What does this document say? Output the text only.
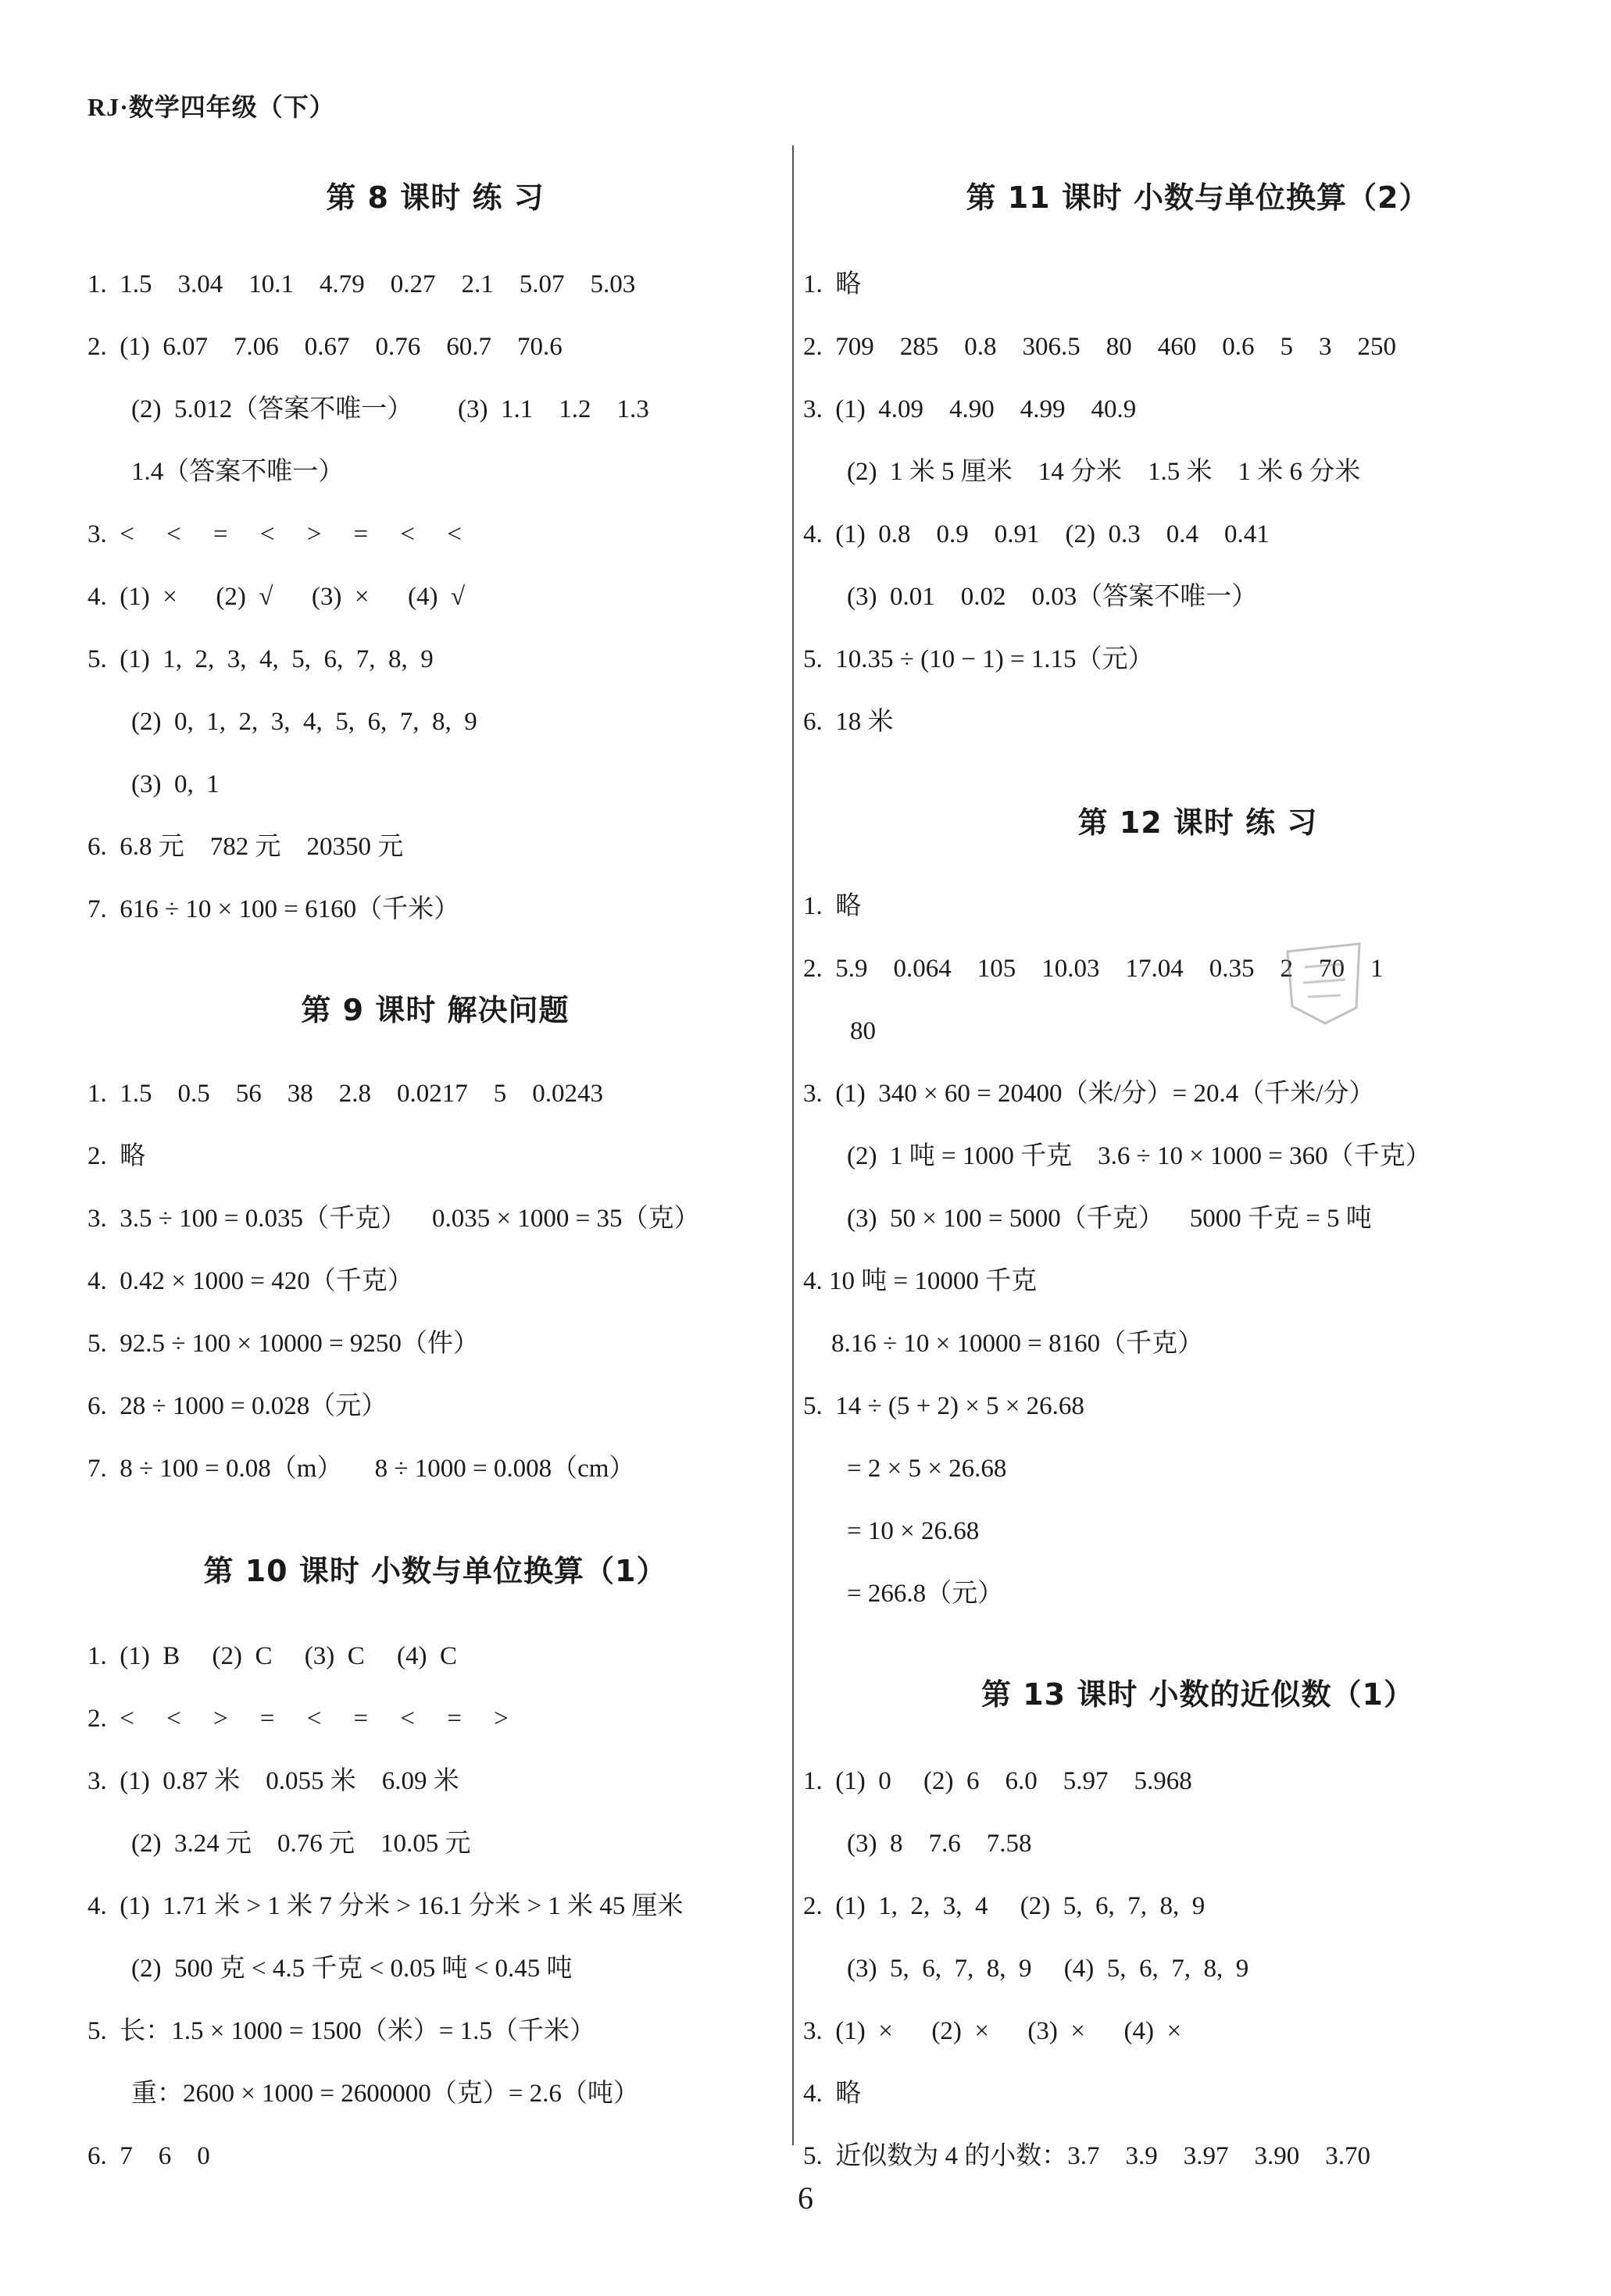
RJ·数学四年级（下）
第 8 课时 练 习
1.  1.5    3.04    10.1    4.79    0.27    2.1    5.07    5.03
2.  (1)  6.07    7.06    0.67    0.76    60.7    70.6
(2)  5.012（答案不唯一）       (3)  1.1    1.2    1.3
1.4（答案不唯一）
3.  <     <     =     <     >     =     <     <
4.  (1)  ×      (2)  √      (3)  ×      (4)  √
5.  (1)  1,  2,  3,  4,  5,  6,  7,  8,  9
(2)  0,  1,  2,  3,  4,  5,  6,  7,  8,  9
(3)  0,  1
6.  6.8 元    782 元    20350 元
7.  616 ÷ 10 × 100 = 6160（千米）
第 9 课时 解决问题
1.  1.5    0.5    56    38    2.8    0.0217    5    0.0243
2.  略
3.  3.5 ÷ 100 = 0.035（千克）    0.035 × 1000 = 35（克）
4.  0.42 × 1000 = 420（千克）
5.  92.5 ÷ 100 × 10000 = 9250（件）
6.  28 ÷ 1000 = 0.028（元）
7.  8 ÷ 100 = 0.08（m）     8 ÷ 1000 = 0.008（cm）
第 10 课时 小数与单位换算（1）
1.  (1)  B     (2)  C     (3)  C     (4)  C
2.  <     <     >     =     <     =     <     =     >
3.  (1)  0.87 米    0.055 米    6.09 米
(2)  3.24 元    0.76 元    10.05 元
4.  (1)  1.71 米 > 1 米 7 分米 > 16.1 分米 > 1 米 45 厘米
(2)  500 克 < 4.5 千克 < 0.05 吨 < 0.45 吨
5.  长：1.5 × 1000 = 1500（米）= 1.5（千米）
重：2600 × 1000 = 2600000（克）= 2.6（吨）
6.  7    6    0
第 11 课时 小数与单位换算（2）
1.  略
2.  709    285    0.8    306.5    80    460    0.6    5    3    250
3.  (1)  4.09    4.90    4.99    40.9
(2)  1 米 5 厘米    14 分米    1.5 米    1 米 6 分米
4.  (1)  0.8    0.9    0.91    (2)  0.3    0.4    0.41
(3)  0.01    0.02    0.03（答案不唯一）
5.  10.35 ÷ (10 − 1) = 1.15（元）
6.  18 米
第 12 课时 练 习
1.  略
2.  5.9    0.064    105    10.03    17.04    0.35    2    70    1
80
3.  (1)  340 × 60 = 20400（米/分）= 20.4（千米/分）
(2)  1 吨 = 1000 千克    3.6 ÷ 10 × 1000 = 360（千克）
(3)  50 × 100 = 5000（千克）    5000 千克 = 5 吨
4. 10 吨 = 10000 千克
8.16 ÷ 10 × 10000 = 8160（千克）
5.  14 ÷ (5 + 2) × 5 × 26.68
= 2 × 5 × 26.68
= 10 × 26.68
= 266.8（元）
第 13 课时 小数的近似数（1）
1.  (1)  0     (2)  6    6.0    5.97    5.968
(3)  8    7.6    7.58
2.  (1)  1,  2,  3,  4     (2)  5,  6,  7,  8,  9
(3)  5,  6,  7,  8,  9     (4)  5,  6,  7,  8,  9
3.  (1)  ×      (2)  ×      (3)  ×      (4)  ×
4.  略
5.  近似数为 4 的小数：3.7    3.9    3.97    3.90    3.70
6
